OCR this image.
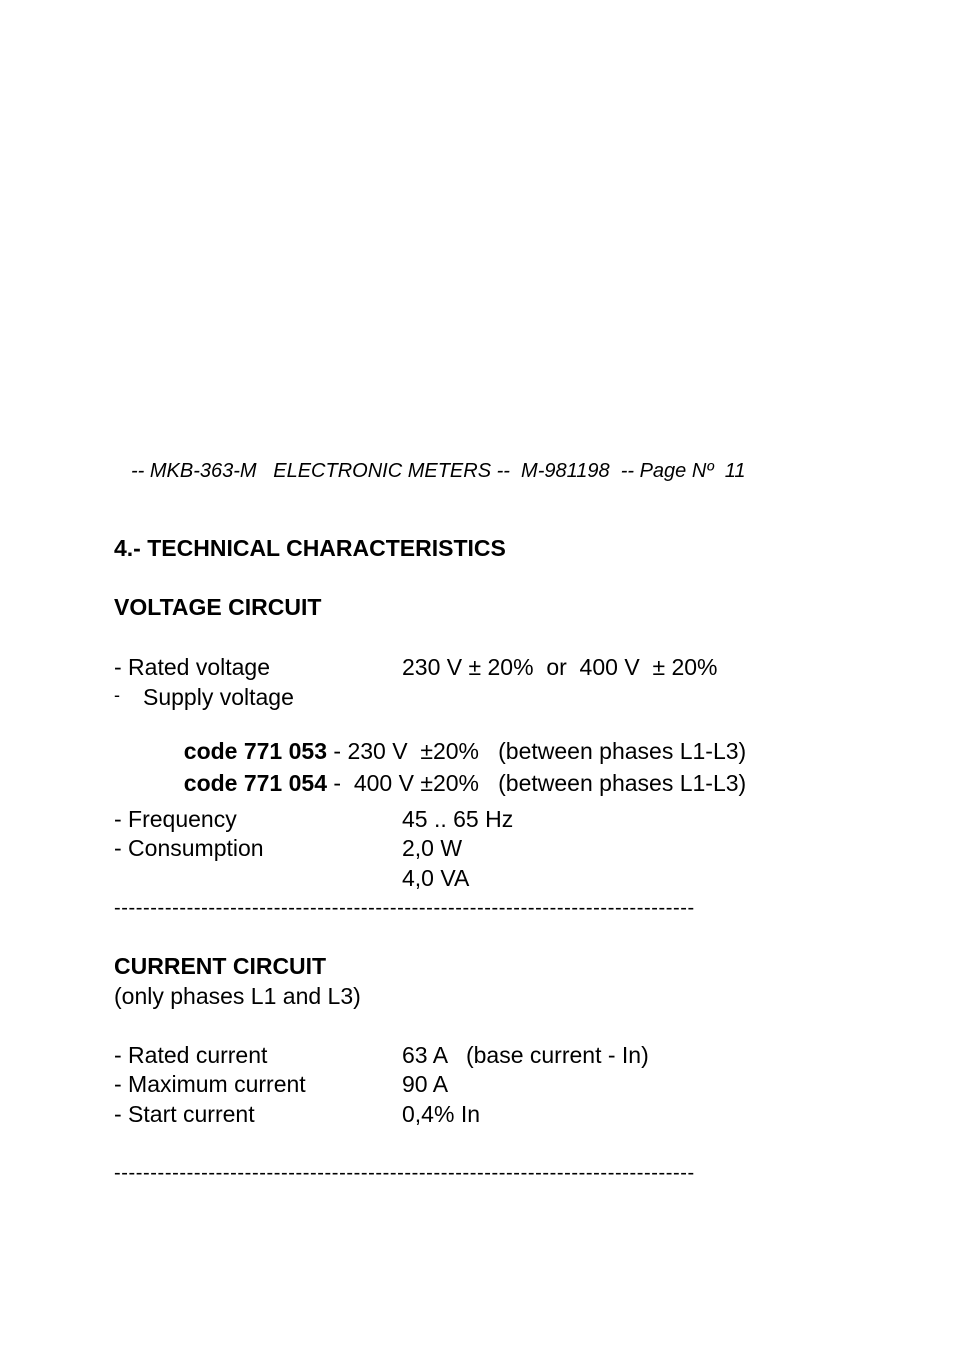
-- MKB-363-M   ELECTRONIC METERS --  M-981198  -- Page Nº  11
4.- TECHNICAL CHARACTERISTICS
VOLTAGE CIRCUIT
- Rated voltage	230 V ± 20%  or  400 V  ± 20%
- Supply voltage

code 771 053 - 230 V  ±20%   (between phases L1-L3)

code 771 054 -  400 V ±20%   (between phases L1-L3)

- Frequency	45 .. 65 Hz
- Consumption	2,0 W
4,0 VA
--------------------------------------------------------------------------------
CURRENT CIRCUIT
(only phases L1 and L3)
- Rated current	63 A   (base current - In)
- Maximum current	90 A
- Start current	0,4% In
--------------------------------------------------------------------------------
